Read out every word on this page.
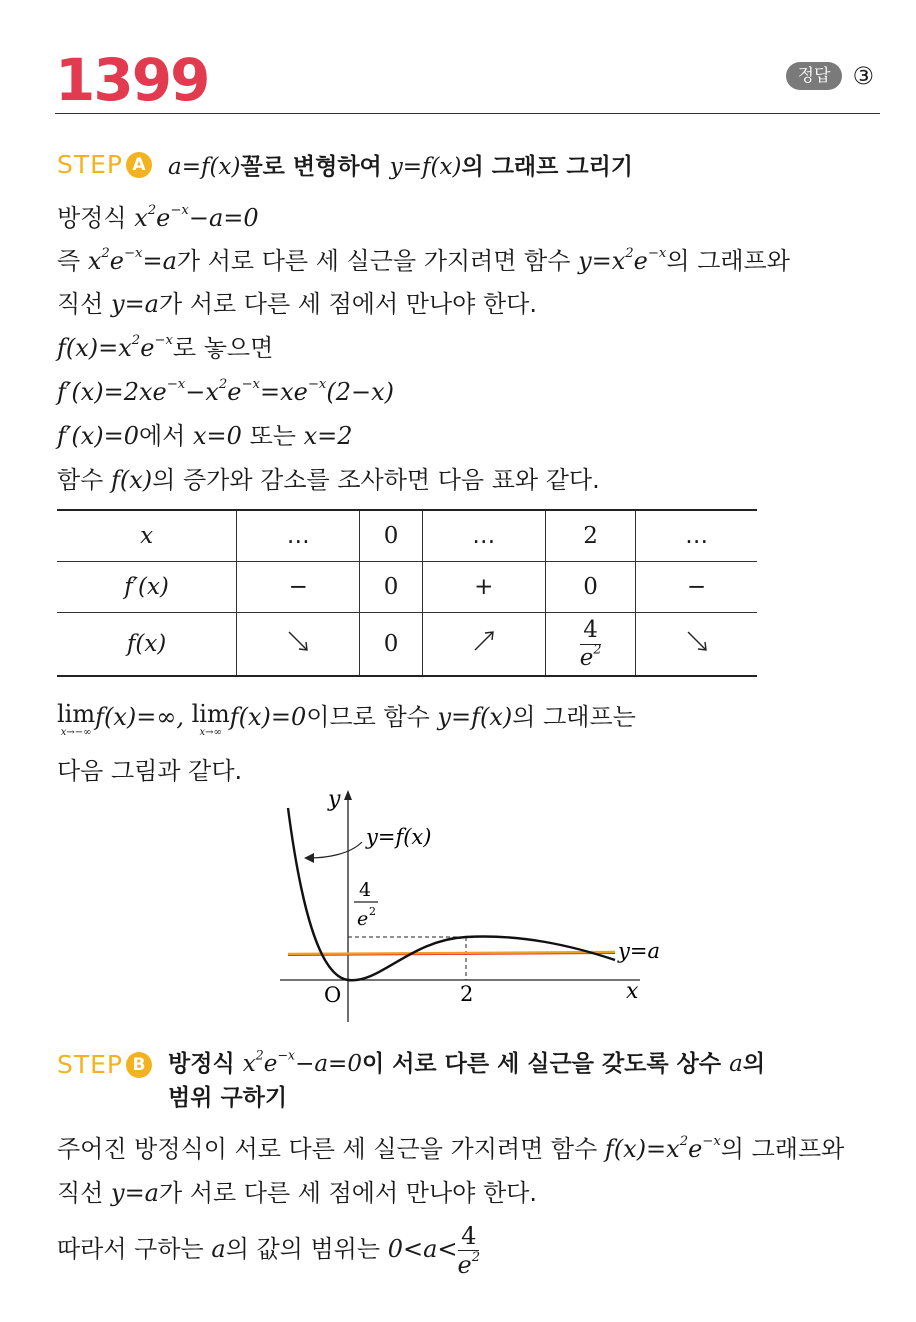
1399	정답 ③
STEP A a=f(x)꼴로 변형하여 y=f(x)의 그래프 그리기
방정식 $x^2e^{-x}-a=0$
즉 $x^2e^{-x}=a$가 서로 다른 세 실근을 가지려면 함수 $y=x^2e^{-x}$의 그래프와
직선 y=a가 서로 다른 세 점에서 만나야 한다.
$f(x)=x^2e^{-x}$로 놓으면
$f'(x)=2xe^{-x}-x^2e^{-x}=xe^{-x}(2-x)$
f′(x)=0에서 x=0 또는 x=2
함수 f(x)의 증가와 감소를 조사하면 다음 표와 같다.
x	…	0	…	2	…
f′(x)	−	0	+	0	−
f(x)		0		$\frac{4}{e^2}$

lim
x→−∞
f(x)=∞, lim
x→∞
f(x)=0이므로 함수 y=f(x)의 그래프는
다음 그림과 같다.
y
x
O	2
4
e 2
y=a
y=f(x)
STEP B 방정식 $x^2e^{-x}-a=0$이 서로 다른 세 실근을 갖도록 상수 a의
범위 구하기
주어진 방정식이 서로 다른 세 실근을 가지려면 함수 $f(x)=x^2e^{-x}$의 그래프와
직선 y=a가 서로 다른 세 점에서 만나야 한다.
따라서 구하는 a의 값의 범위는 $0<a< \frac{4}{e^2}$
